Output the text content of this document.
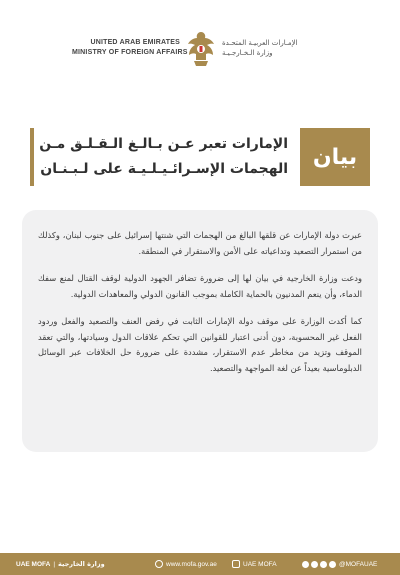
UNITED ARAB EMIRATES
MINISTRY OF FOREIGN AFFAIRS
الإمـارات العربيـة المتحـدة
وزارة الـخـارجـيـة
الإمارات تعبر عـن بـالـغ الـقـلـق مـن
الهجمات الإسـرائـيـلـيـة على لـبـنـان	بيان

عبرت دولة الإمارات عن قلقها البالغ من الهجمات التي شنتها إسرائيل على جنوب لبنان، وكذلك من استمرار التصعيد وتداعياته على الأمن والاستقرار في المنطقة.

ودعت وزارة الخارجية في بيان لها إلى ضرورة تضافر الجهود الدولية لوقف القتال لمنع سفك الدماء، وأن ينعم المدنيون بالحماية الكاملة بموجب القانون الدولي والمعاهدات الدولية.

كما أكدت الوزارة على موقف دولة الإمارات الثابت في رفض العنف والتصعيد والفعل وردود الفعل غير المحسوبة، دون أدنى اعتبار للقوانين التي تحكم علاقات الدول وسيادتها، والتي تعقد الموقف وتزيد من مخاطر عدم الاستقرار، مشددة على ضرورة حل الخلافات عبر الوسائل الدبلوماسية بعيداً عن لغة المواجهة والتصعيد.

UAE MOFA | وزارة الخارجية	www.mofa.gov.ae	UAE MOFA	@MOFAUAE
